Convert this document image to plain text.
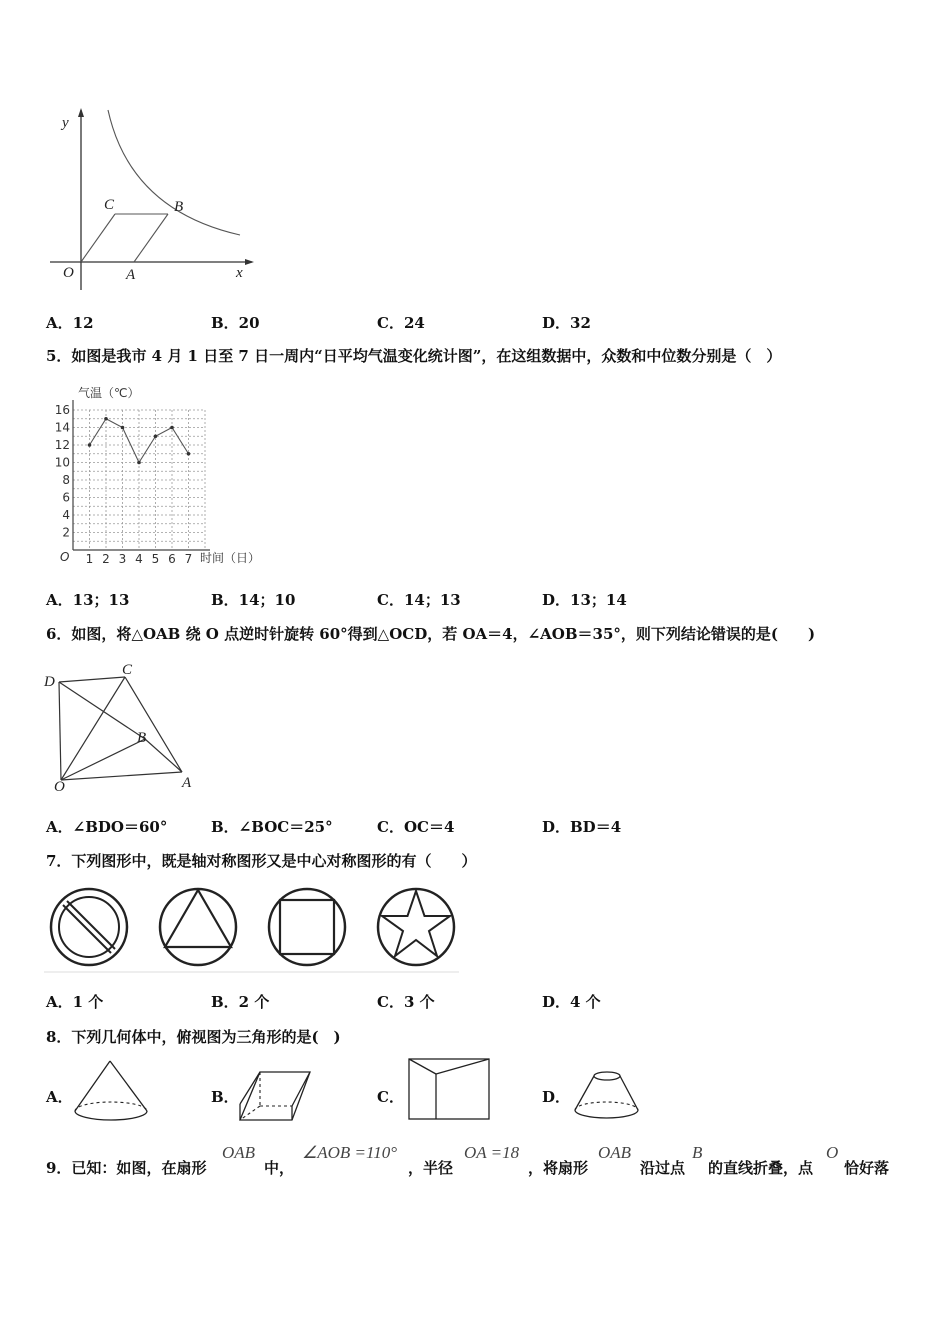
y
x
O	A
B
C
A．12	B．20	C．24	D．32
5．如图是我市 4 月 1 日至 7 日一周内“日平均气温变化统计图”，在这组数据中，众数和中位数分别是（　）
2
4
6
8
10
12
14
16
1 2 3 4 5 6 7
气温（℃）
时间（日）
O
A．13；13	B．14；10	C．14；13	D．13；14
6．如图，将△OAB 绕 O 点逆时针旋转 60°得到△OCD，若 OA＝4，∠AOB＝35°，则下列结论错误的是(　　)
O	A
B
C
D
A．∠BDO＝60°	B．∠BOC＝25°	C．OC＝4	D．BD＝4
7．下列图形中，既是轴对称图形又是中心对称图形的有（　　）
A．1 个	B．2 个	C．3 个	D．4 个
8．下列几何体中，俯视图为三角形的是(　)
A．	B．	C．	D．
9．已知：如图，在扇形
OAB
中，
∠AOB =110°
，半径
OA =18
，将扇形
OAB
沿过点
B
的直线折叠，点
O
恰好落
